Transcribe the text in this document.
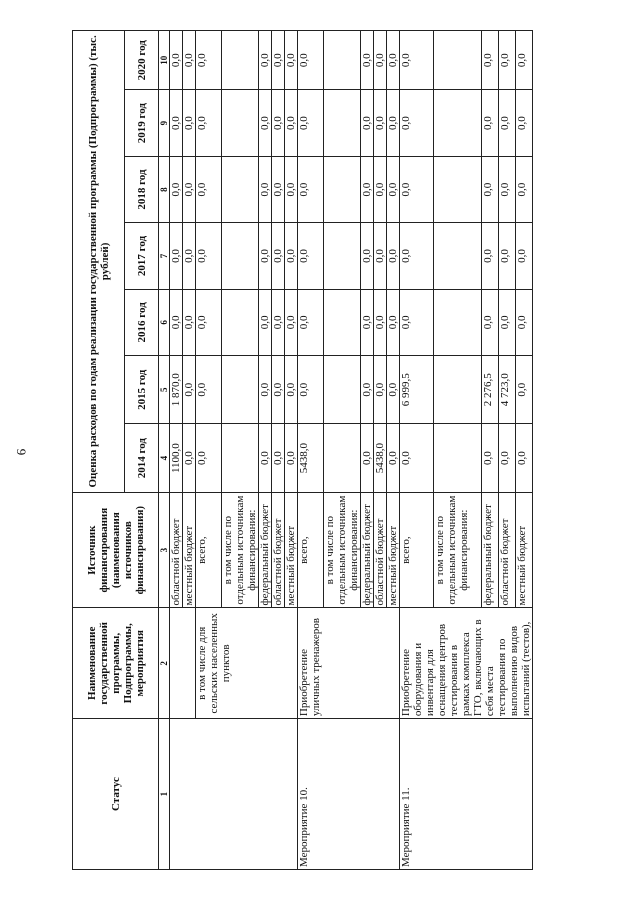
9
Статус	Наименование государственной программы, Подпрограммы, мероприятия	Источник финансирования (наименования источников финансирования)	Оценка расходов по годам реализации государственной программы (Подпрограммы) (тыс. рублей)						
			2014 год	2015 год	2016 год	2017 год	2018 год	2019 год	2020 год
1	2	3	4	5	6	7	8	9	10
		областной бюджет	1100,0	1 870,0	0,0	0,0	0,0	0,0	0,0
		местный бюджет	0,0	0,0	0,0	0,0	0,0	0,0	0,0
	в том числе для сельских населенных пунктов	всего,	0,0	0,0	0,0	0,0	0,0	0,0	0,0
		в том числе по отдельным источникам финансирования:							
		федеральный бюджет	0,0	0,0	0,0	0,0	0,0	0,0	0,0
		областной бюджет	0,0	0,0	0,0	0,0	0,0	0,0	0,0
		местный бюджет	0,0	0,0	0,0	0,0	0,0	0,0	0,0
Мероприятие 10.	Приобретение уличных тренажеров	всего,	5438,0	0,0	0,0	0,0	0,0	0,0	0,0
		в том числе по отдельным источникам финансирования:							
		федеральный бюджет	0,0	0,0	0,0	0,0	0,0	0,0	0,0
		областной бюджет	5438,0	0,0	0,0	0,0	0,0	0,0	0,0
		местный бюджет	0,0	0,0	0,0	0,0	0,0	0,0	0,0
Мероприятие 11.	Приобретение оборудования и инвентаря для оснащения центров тестирования в рамках комплекса ГТО, включающих в себя места тестирования по выполнению видов испытаний (тестов),	всего,	0,0	6 999,5	0,0	0,0	0,0	0,0	0,0
		в том числе по отдельным источникам финансирования:							
		федеральный бюджет	0,0	2 276,5	0,0	0,0	0,0	0,0	0,0
		областной бюджет	0,0	4 723,0	0,0	0,0	0,0	0,0	0,0
		местный бюджет	0,0	0,0	0,0	0,0	0,0	0,0	0,0
